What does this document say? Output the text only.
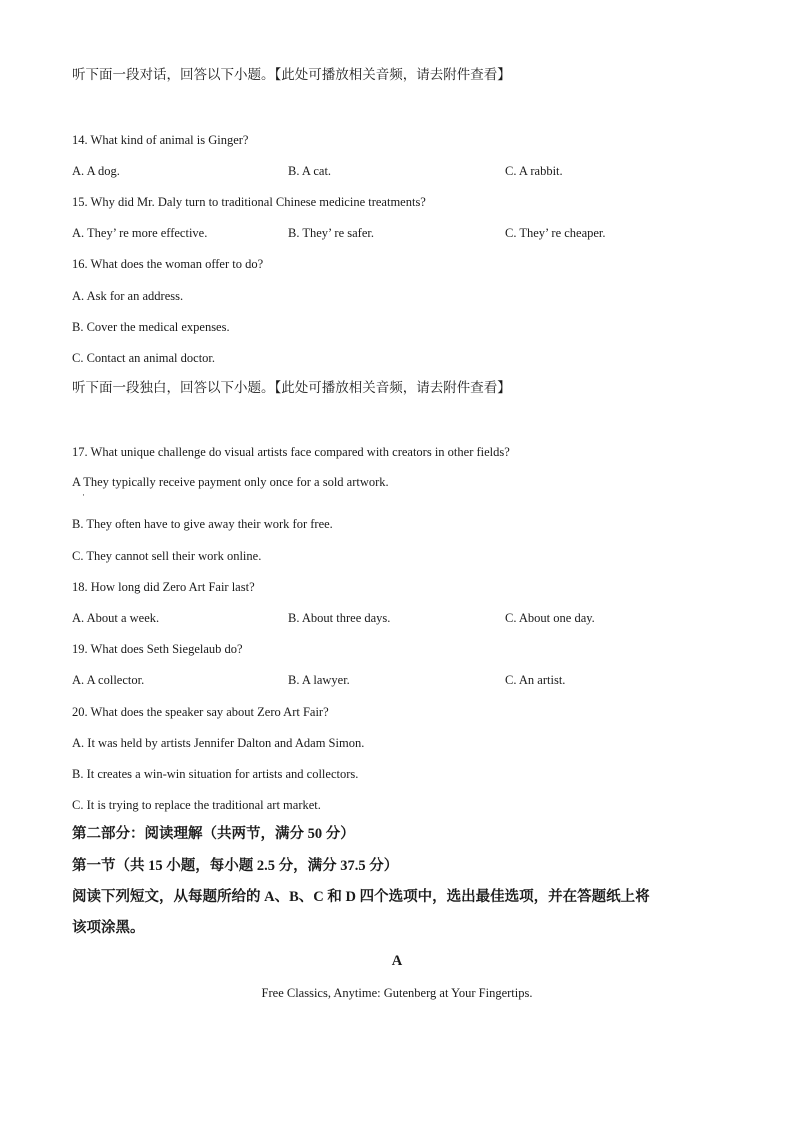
听下面一段对话，回答以下小题。【此处可播放相关音频，请去附件查看】
14. What kind of animal is Ginger?
A. A dog.	B. A cat.	C. A rabbit.
15. Why did Mr. Daly turn to traditional Chinese medicine treatments?
A. They’ re more effective.	B. They’ re safer.	C. They’ re cheaper.
16. What does the woman offer to do?
A. Ask for an address.
B. Cover the medical expenses.
C. Contact an animal doctor.
听下面一段独白，回答以下小题。【此处可播放相关音频，请去附件查看】
17. What unique challenge do visual artists face compared with creators in other fields?
A They typically receive payment only once for a sold artwork.
·
B. They often have to give away their work for free.
C. They cannot sell their work online.
18. How long did Zero Art Fair last?
A. About a week.	B. About three days.	C. About one day.
19. What does Seth Siegelaub do?
A. A collector.	B. A lawyer.	C. An artist.
20. What does the speaker say about Zero Art Fair?
A. It was held by artists Jennifer Dalton and Adam Simon.
B. It creates a win-win situation for artists and collectors.
C. It is trying to replace the traditional art market.
第二部分：阅读理解（共两节，满分 50 分）
第一节（共 15 小题，每小题 2.5 分，满分 37.5 分）
阅读下列短文，从每题所给的 A、B、C 和 D 四个选项中，选出最佳选项，并在答题纸上将
该项涂黑。
A
Free Classics, Anytime: Gutenberg at Your Fingertips.
